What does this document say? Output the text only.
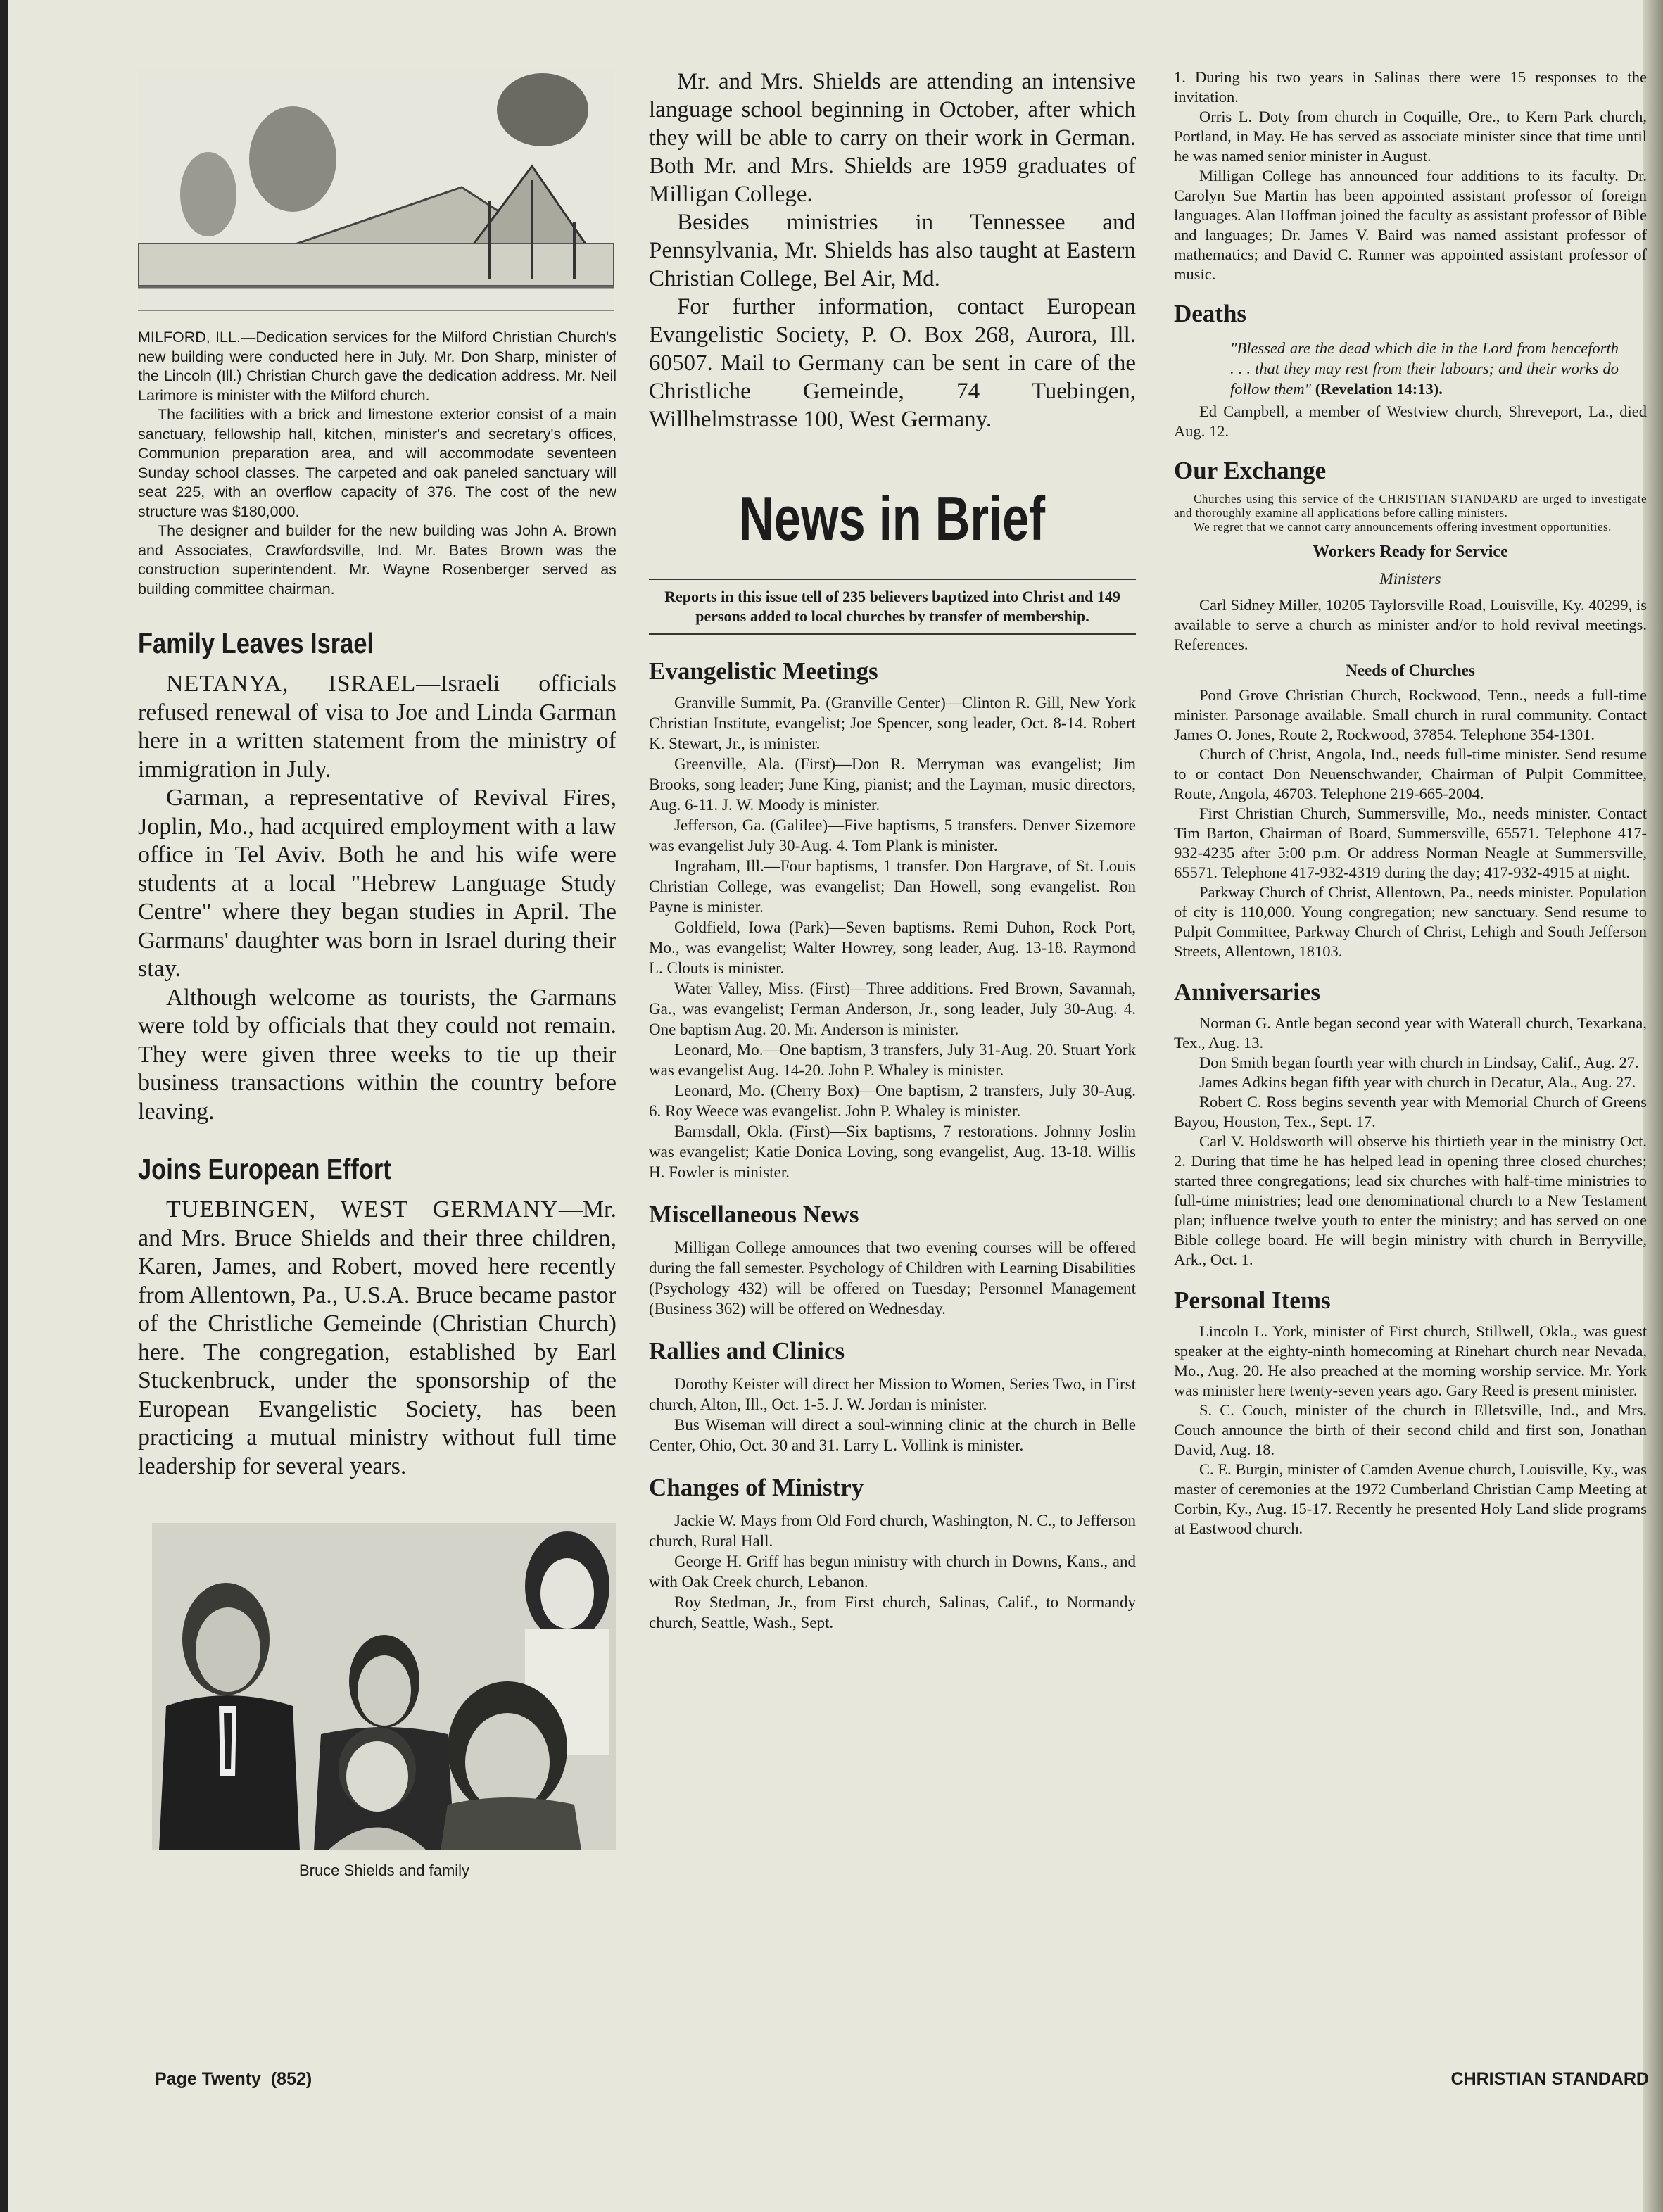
MILFORD, ILL.—Dedication services for the Milford Christian Church's new building were conducted here in July. Mr. Don Sharp, minister of the Lincoln (Ill.) Christian Church gave the dedication address. Mr. Neil Larimore is minister with the Milford church.

The facilities with a brick and limestone exterior consist of a main sanctuary, fellowship hall, kitchen, minister's and secretary's offices, Communion preparation area, and will accommodate seventeen Sunday school classes. The carpeted and oak paneled sanctuary will seat 225, with an overflow capacity of 376. The cost of the new structure was $180,000.

The designer and builder for the new building was John A. Brown and Associates, Crawfordsville, Ind. Mr. Bates Brown was the construction superintendent. Mr. Wayne Rosenberger served as building committee chairman.

Family Leaves Israel

NETANYA, ISRAEL—Israeli officials refused renewal of visa to Joe and Linda Garman here in a written statement from the ministry of immigration in July.

Garman, a representative of Revival Fires, Joplin, Mo., had acquired employment with a law office in Tel Aviv. Both he and his wife were students at a local "Hebrew Language Study Centre" where they began studies in April. The Garmans' daughter was born in Israel during their stay.

Although welcome as tourists, the Garmans were told by officials that they could not remain. They were given three weeks to tie up their business transactions within the country before leaving.

Joins European Effort

TUEBINGEN, WEST GERMANY—Mr. and Mrs. Bruce Shields and their three children, Karen, James, and Robert, moved here recently from Allentown, Pa., U.S.A. Bruce became pastor of the Christliche Gemeinde (Christian Church) here. The congregation, established by Earl Stuckenbruck, under the sponsorship of the European Evangelistic Society, has been practicing a mutual ministry without full time leadership for several years.

Bruce Shields and family

Mr. and Mrs. Shields are attending an intensive language school beginning in October, after which they will be able to carry on their work in German. Both Mr. and Mrs. Shields are 1959 graduates of Milligan College.

Besides ministries in Tennessee and Pennsylvania, Mr. Shields has also taught at Eastern Christian College, Bel Air, Md.

For further information, contact European Evangelistic Society, P. O. Box 268, Aurora, Ill. 60507. Mail to Germany can be sent in care of the Christliche Gemeinde, 74 Tuebingen, Willhelmstrasse 100, West Germany.

News in Brief

Reports in this issue tell of 235 believers baptized into Christ and 149 persons added to local churches by transfer of membership.

Evangelistic Meetings

Granville Summit, Pa. (Granville Center)—Clinton R. Gill, New York Christian Institute, evangelist; Joe Spencer, song leader, Oct. 8-14. Robert K. Stewart, Jr., is minister.

Greenville, Ala. (First)—Don R. Merryman was evangelist; Jim Brooks, song leader; June King, pianist; and the Layman, music directors, Aug. 6-11. J. W. Moody is minister.

Jefferson, Ga. (Galilee)—Five baptisms, 5 transfers. Denver Sizemore was evangelist July 30-Aug. 4. Tom Plank is minister.

Ingraham, Ill.—Four baptisms, 1 transfer. Don Hargrave, of St. Louis Christian College, was evangelist; Dan Howell, song evangelist. Ron Payne is minister.

Goldfield, Iowa (Park)—Seven baptisms. Remi Duhon, Rock Port, Mo., was evangelist; Walter Howrey, song leader, Aug. 13-18. Raymond L. Clouts is minister.

Water Valley, Miss. (First)—Three additions. Fred Brown, Savannah, Ga., was evangelist; Ferman Anderson, Jr., song leader, July 30-Aug. 4. One baptism Aug. 20. Mr. Anderson is minister.

Leonard, Mo.—One baptism, 3 transfers, July 31-Aug. 20. Stuart York was evangelist Aug. 14-20. John P. Whaley is minister.

Leonard, Mo. (Cherry Box)—One baptism, 2 transfers, July 30-Aug. 6. Roy Weece was evangelist. John P. Whaley is minister.

Barnsdall, Okla. (First)—Six baptisms, 7 restorations. Johnny Joslin was evangelist; Katie Donica Loving, song evangelist, Aug. 13-18. Willis H. Fowler is minister.

Miscellaneous News

Milligan College announces that two evening courses will be offered during the fall semester. Psychology of Children with Learning Disabilities (Psychology 432) will be offered on Tuesday; Personnel Management (Business 362) will be offered on Wednesday.

Rallies and Clinics

Dorothy Keister will direct her Mission to Women, Series Two, in First church, Alton, Ill., Oct. 1-5. J. W. Jordan is minister.

Bus Wiseman will direct a soul-winning clinic at the church in Belle Center, Ohio, Oct. 30 and 31. Larry L. Vollink is minister.

Changes of Ministry

Jackie W. Mays from Old Ford church, Washington, N. C., to Jefferson church, Rural Hall.

George H. Griff has begun ministry with church in Downs, Kans., and with Oak Creek church, Lebanon.

Roy Stedman, Jr., from First church, Salinas, Calif., to Normandy church, Seattle, Wash., Sept.

1. During his two years in Salinas there were 15 responses to the invitation.

Orris L. Doty from church in Coquille, Ore., to Kern Park church, Portland, in May. He has served as associate minister since that time until he was named senior minister in August.

Milligan College has announced four additions to its faculty. Dr. Carolyn Sue Martin has been appointed assistant professor of foreign languages. Alan Hoffman joined the faculty as assistant professor of Bible and languages; Dr. James V. Baird was named assistant professor of mathematics; and David C. Runner was appointed assistant professor of music.

Deaths
"Blessed are the dead which die in the Lord from henceforth . . . that they may rest from their labours; and their works do follow them" (Revelation 14:13).

Ed Campbell, a member of Westview church, Shreveport, La., died Aug. 12.

Our Exchange

Churches using this service of the CHRISTIAN STANDARD are urged to investigate and thoroughly examine all applications before calling ministers.

We regret that we cannot carry announcements offering investment opportunities.

Workers Ready for Service

Ministers

Carl Sidney Miller, 10205 Taylorsville Road, Louisville, Ky. 40299, is available to serve a church as minister and/or to hold revival meetings. References.

Needs of Churches

Pond Grove Christian Church, Rockwood, Tenn., needs a full-time minister. Parsonage available. Small church in rural community. Contact James O. Jones, Route 2, Rockwood, 37854. Telephone 354-1301.

Church of Christ, Angola, Ind., needs full-time minister. Send resume to or contact Don Neuenschwander, Chairman of Pulpit Committee, Route, Angola, 46703. Telephone 219-665-2004.

First Christian Church, Summersville, Mo., needs minister. Contact Tim Barton, Chairman of Board, Summersville, 65571. Telephone 417-932-4235 after 5:00 p.m. Or address Norman Neagle at Summersville, 65571. Telephone 417-932-4319 during the day; 417-932-4915 at night.

Parkway Church of Christ, Allentown, Pa., needs minister. Population of city is 110,000. Young congregation; new sanctuary. Send resume to Pulpit Committee, Parkway Church of Christ, Lehigh and South Jefferson Streets, Allentown, 18103.

Anniversaries

Norman G. Antle began second year with Waterall church, Texarkana, Tex., Aug. 13.

Don Smith began fourth year with church in Lindsay, Calif., Aug. 27.

James Adkins began fifth year with church in Decatur, Ala., Aug. 27.

Robert C. Ross begins seventh year with Memorial Church of Greens Bayou, Houston, Tex., Sept. 17.

Carl V. Holdsworth will observe his thirtieth year in the ministry Oct. 2. During that time he has helped lead in opening three closed churches; started three congregations; lead six churches with half-time ministries to full-time ministries; lead one denominational church to a New Testament plan; influence twelve youth to enter the ministry; and has served on one Bible college board. He will begin ministry with church in Berryville, Ark., Oct. 1.

Personal Items

Lincoln L. York, minister of First church, Stillwell, Okla., was guest speaker at the eighty-ninth homecoming at Rinehart church near Nevada, Mo., Aug. 20. He also preached at the morning worship service. Mr. York was minister here twenty-seven years ago. Gary Reed is present minister.

S. C. Couch, minister of the church in Elletsville, Ind., and Mrs. Couch announce the birth of their second child and first son, Jonathan David, Aug. 18.

C. E. Burgin, minister of Camden Avenue church, Louisville, Ky., was master of ceremonies at the 1972 Cumberland Christian Camp Meeting at Corbin, Ky., Aug. 15-17. Recently he presented Holy Land slide programs at Eastwood church.

Page Twenty  (852)	CHRISTIAN STANDARD
